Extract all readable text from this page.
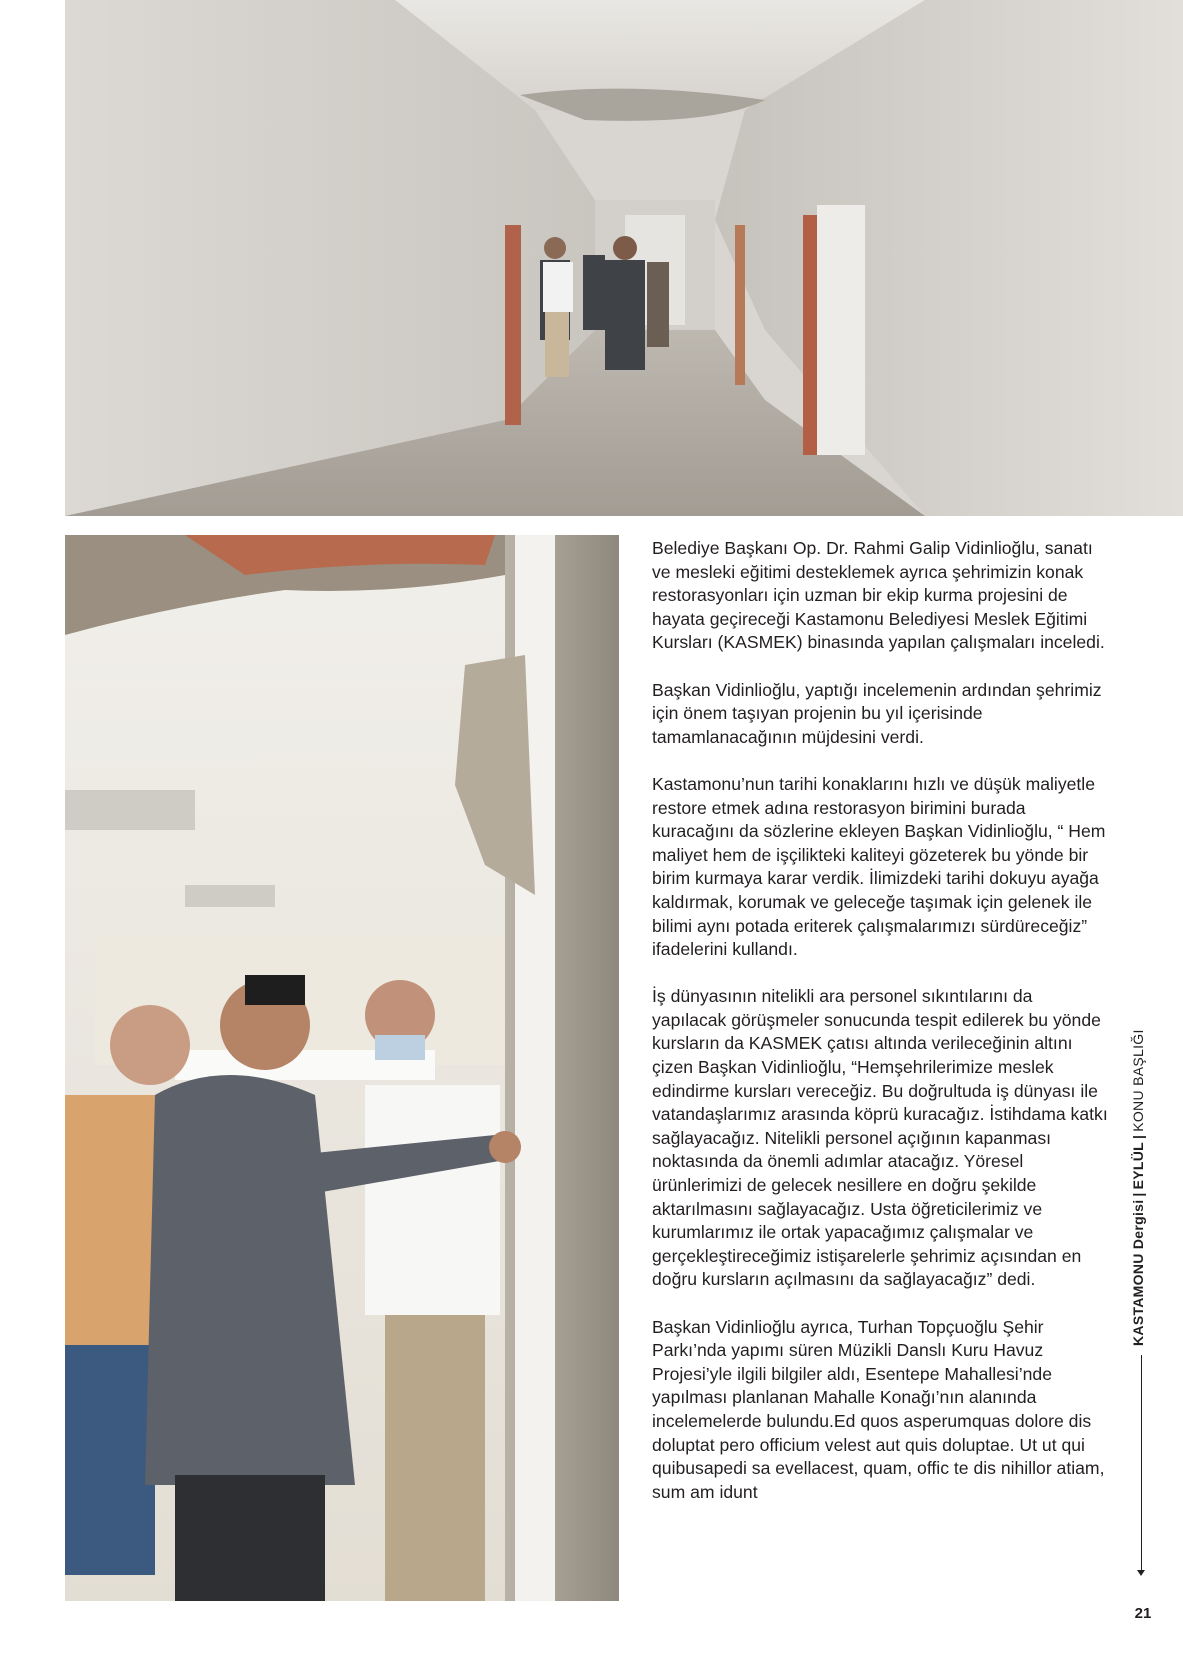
Belediye Başkanı Op. Dr. Rahmi Galip Vidinlioğlu, sanatı ve mesleki eğitimi desteklemek ayrıca şehrimizin konak restorasyonları için uzman bir ekip kurma projesini de hayata geçireceği Kastamonu Belediyesi Meslek Eğitimi Kursları (KASMEK) binasında yapılan çalışmaları inceledi.

Başkan Vidinlioğlu, yaptığı incelemenin ardından şehrimiz için önem taşıyan projenin bu yıl içerisinde tamamlanacağının müjdesini verdi.

Kastamonu’nun tarihi konaklarını hızlı ve düşük maliyetle restore etmek adına restorasyon birimini burada kuracağını da sözlerine ekleyen Başkan Vidinlioğlu, “ Hem maliyet hem de işçilikteki kaliteyi gözeterek bu yönde bir birim kurmaya karar verdik. İlimizdeki tarihi dokuyu ayağa kaldırmak, korumak ve geleceğe taşımak için gelenek ile bilimi aynı potada eriterek çalışmalarımızı sürdüreceğiz” ifadelerini kullandı.

İş dünyasının nitelikli ara personel sıkıntılarını da yapılacak görüşmeler sonucunda tespit edilerek bu yönde kursların da KASMEK çatısı altında verileceğinin altını çizen Başkan Vidinlioğlu, “Hemşehrilerimize meslek edindirme kursları vereceğiz. Bu doğrultuda iş dünyası ile vatandaşlarımız arasında köprü kuracağız. İstihdama katkı sağlayacağız. Nitelikli personel açığının kapanması noktasında da önemli adımlar atacağız. Yöresel ürünlerimizi de gelecek nesillere en doğru şekilde aktarılmasını sağlayacağız. Usta öğreticilerimiz ve kurumlarımız ile ortak yapacağımız çalışmalar ve gerçekleştireceğimiz istişarelerle şehrimiz açısından en doğru kursların açılmasını da sağlayacağız” dedi.

Başkan Vidinlioğlu ayrıca, Turhan Topçuoğlu Şehir Parkı’nda yapımı süren Müzikli Danslı Kuru Havuz Projesi’yle ilgili bilgiler aldı, Esentepe Mahallesi’nde yapılması planlanan Mahalle Konağı’nın alanında incelemelerde bulundu.Ed quos asperumquas dolore dis doluptat pero officium velest aut quis doluptae. Ut ut qui quibusapedi sa evellacest, quam, offic te dis nihillor atiam, sum am idunt

KASTAMONU Dergisi
|
EYLÜL
|
KONU BAŞLIĞI
21
